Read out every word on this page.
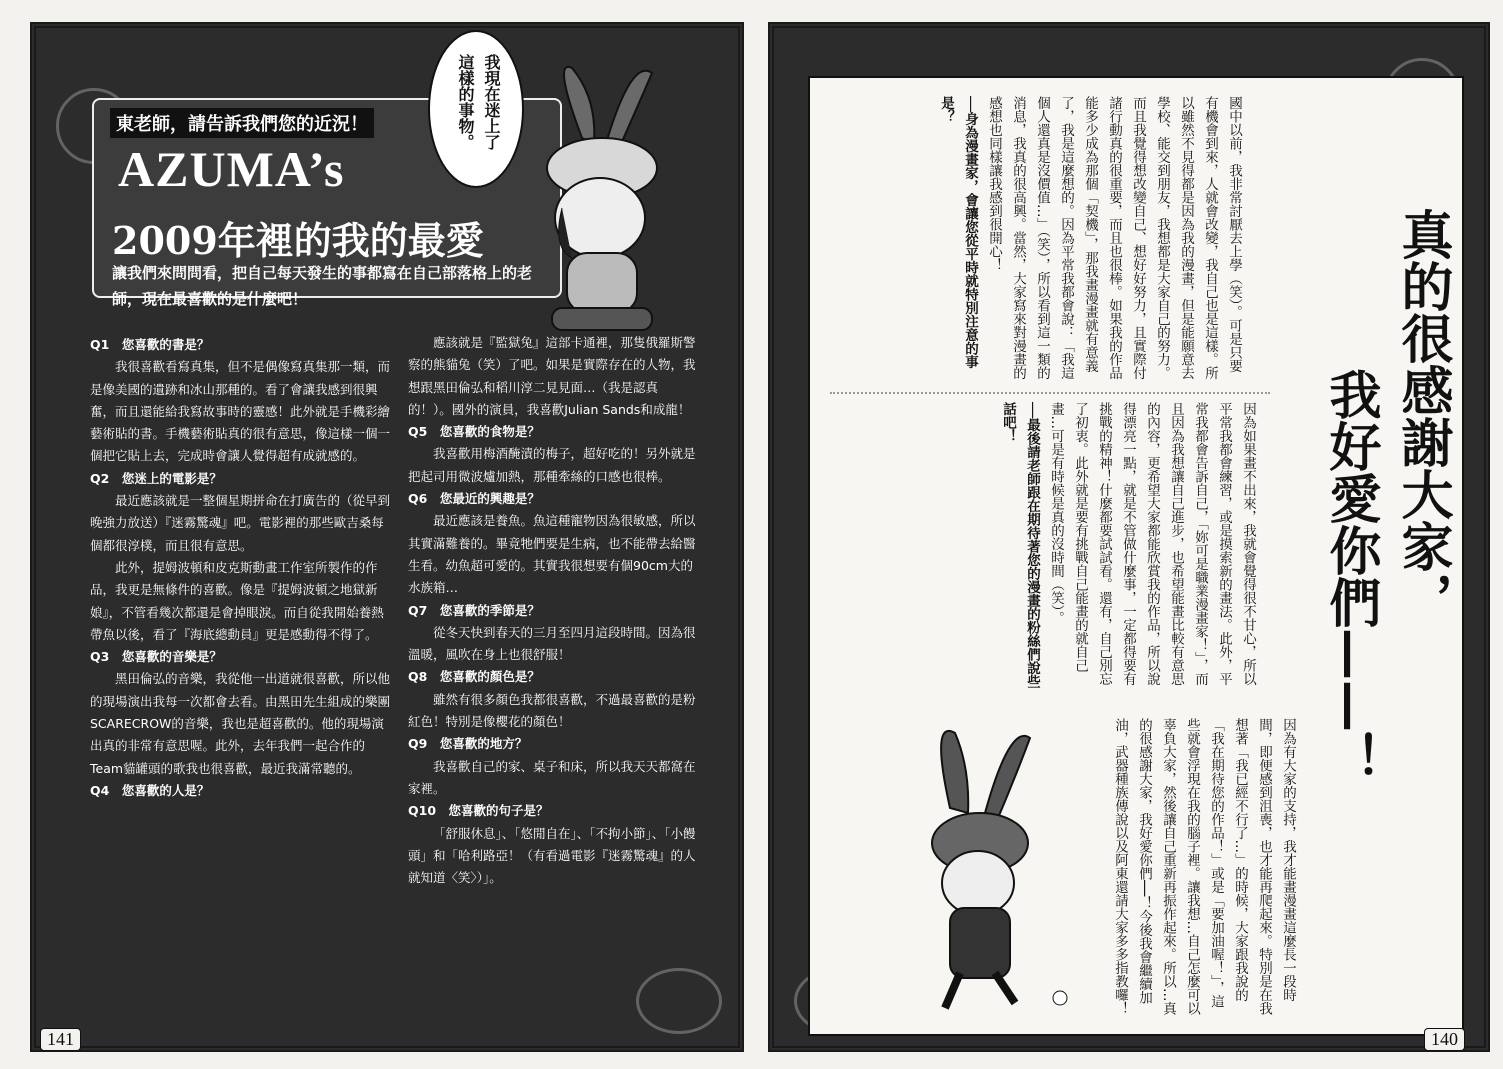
東老師，請告訴我們您的近況！
AZUMA’s
2009年裡的我的最愛
我現在迷上了
這樣的事物。
讓我們來問問看，把自己每天發生的事都寫在自己部落格上的老師，現在最喜歡的是什麼吧！

Q1　您喜歡的書是？

我很喜歡看寫真集，但不是偶像寫真集那一類，而是像美國的遺跡和冰山那種的。看了會讓我感到很興奮，而且還能給我寫故事時的靈感！此外就是手機彩繪藝術貼的書。手機藝術貼真的很有意思，像這樣一個一個把它貼上去，完成時會讓人覺得超有成就感的。

Q2　您迷上的電影是？

最近應該就是一整個星期拼命在打廣告的（從早到晚強力放送）『迷霧驚魂』吧。電影裡的那些歐吉桑每個都很淳樸，而且很有意思。

此外，提姆波頓和皮克斯動畫工作室所製作的作品，我更是無條件的喜歡。像是『提姆波頓之地獄新娘』，不管看幾次都還是會掉眼淚。而自從我開始養熱帶魚以後，看了『海底總動員』更是感動得不得了。

Q3　您喜歡的音樂是？

黑田倫弘的音樂，我從他一出道就很喜歡，所以他的現場演出我每一次都會去看。由黑田先生組成的樂團SCARECROW的音樂，我也是超喜歡的。他的現場演出真的非常有意思喔。此外，去年我們一起合作的Team貓罐頭的歌我也很喜歡，最近我滿常聽的。

Q4　您喜歡的人是？

應該就是『監獄兔』這部卡通裡，那隻俄羅斯警察的熊貓兔（笑）了吧。如果是實際存在的人物，我想跟黑田倫弘和稻川淳二見見面…（我是認真的！）。國外的演員，我喜歡Julian Sands和成龍！

Q5　您喜歡的食物是？

我喜歡用梅酒醃漬的梅子，超好吃的！另外就是把起司用微波爐加熱，那種牽絲的口感也很棒。

Q6　您最近的興趣是？

最近應該是養魚。魚這種寵物因為很敏感，所以其實滿難養的。畢竟牠們要是生病，也不能帶去給醫生看。幼魚超可愛的。其實我很想要有個90cm大的水族箱…

Q7　您喜歡的季節是？

從冬天快到春天的三月至四月這段時間。因為很溫暖，風吹在身上也很舒服！

Q8　您喜歡的顏色是？

雖然有很多顏色我都很喜歡，不過最喜歡的是粉紅色！特別是像櫻花的顏色！

Q9　您喜歡的地方？

我喜歡自己的家、桌子和床，所以我天天都窩在家裡。

Q10　您喜歡的句子是？

「舒服休息」、「悠閒自在」、「不拘小節」、「小饅頭」和「哈利路亞！（有看過電影『迷霧驚魂』的人就知道〈笑〉）」。

141
真的很感謝大家，
我好愛你們——！

國中以前，我非常討厭去上學（笑）。可是只要有機會到來，人就會改變，我自己也是這樣。所以雖然不見得都是因為我的漫畫，但是能願意去學校、能交到朋友，我想都是大家自己的努力。而且我覺得想改變自己、想好好努力，且實際付諸行動真的很重要，而且也很棒。如果我的作品能多少成為那個「契機」，那我畫漫畫就有意義了，我是這麼想的。因為平常我都會說：「我這個人還真是沒價值…」（笑），所以看到這一類的消息，我真的很高興。當然，大家寫來對漫畫的感想也同樣讓我感到很開心！

──身為漫畫家，會讓您從平時就特別注意的事是？

因為如果畫不出來，我就會覺得很不甘心，所以平常我都會練習，或是摸索新的畫法。此外，平常我都會告訴自己，「妳可是職業漫畫家！」，而且因為我想讓自己進步，也希望能畫比較有意思的內容，更希望大家都能欣賞我的作品，所以說得漂亮一點，就是不管做什麼事，一定都得要有挑戰的精神！什麼都要試試看。還有，自己別忘了初衷。此外就是要有挑戰自己能畫的就自己畫…可是有時候是真的沒時間（笑）。

──最後請老師跟在期待著您的漫畫的粉絲們說些話吧！

因為有大家的支持，我才能畫漫畫這麼長一段時間，即便感到沮喪，也才能再爬起來。特別是在我想著「我已經不行了…」的時候，大家跟我說的「我在期待您的作品！」或是「要加油喔！」，這些就會浮現在我的腦子裡。讓我想…自己怎麼可以辜負大家，然後讓自己重新再振作起來。所以…真的很感謝大家，我好愛你們──！今後我會繼續加油，武器種族傳說以及阿東還請大家多多指教囉！

140
